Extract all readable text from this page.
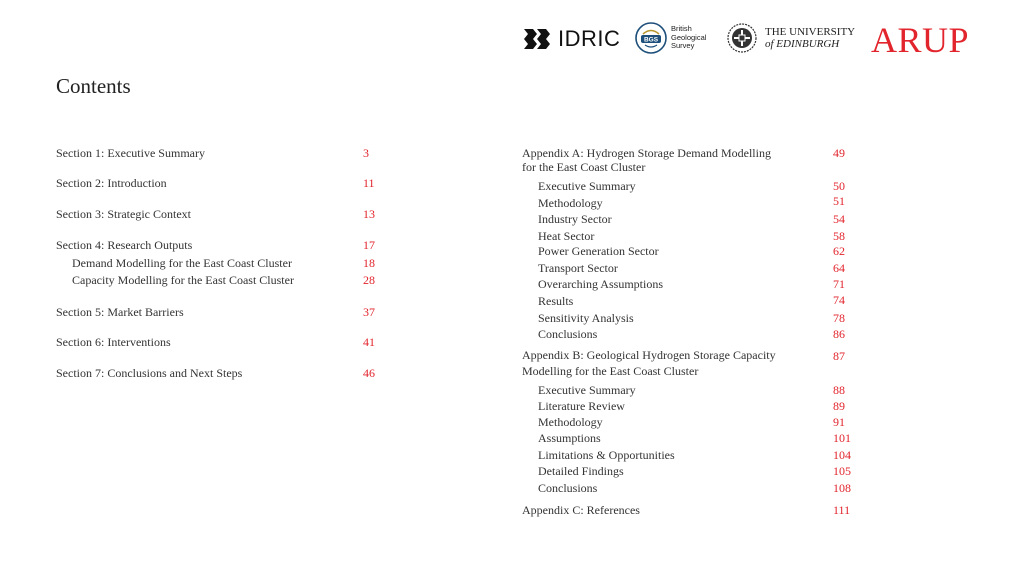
IDRIC	BGS
British
Geological
Survey
THE UNIVERSITY
of EDINBURGH ARUP
Contents
Section 1: Executive Summary	3
Section 2: Introduction	11
Section 3: Strategic Context	13
Section 4: Research Outputs	17
Demand Modelling for the East Coast Cluster	18
Capacity Modelling for the East Coast Cluster	28
Section 5: Market Barriers	37
Section 6: Interventions	41
Section 7: Conclusions and Next Steps	46
Appendix A: Hydrogen Storage Demand Modelling	49
for the East Coast Cluster
Executive Summary	50
Methodology	51
Industry Sector	54
Heat Sector	58
Power Generation Sector	62
Transport Sector	64
Overarching Assumptions	71
Results	74
Sensitivity Analysis	78
Conclusions	86
Appendix B: Geological Hydrogen Storage Capacity	87
Modelling for the East Coast Cluster
Executive Summary	88
Literature Review	89
Methodology	91
Assumptions	101
Limitations & Opportunities	104
Detailed Findings	105
Conclusions	108
Appendix C: References	111
